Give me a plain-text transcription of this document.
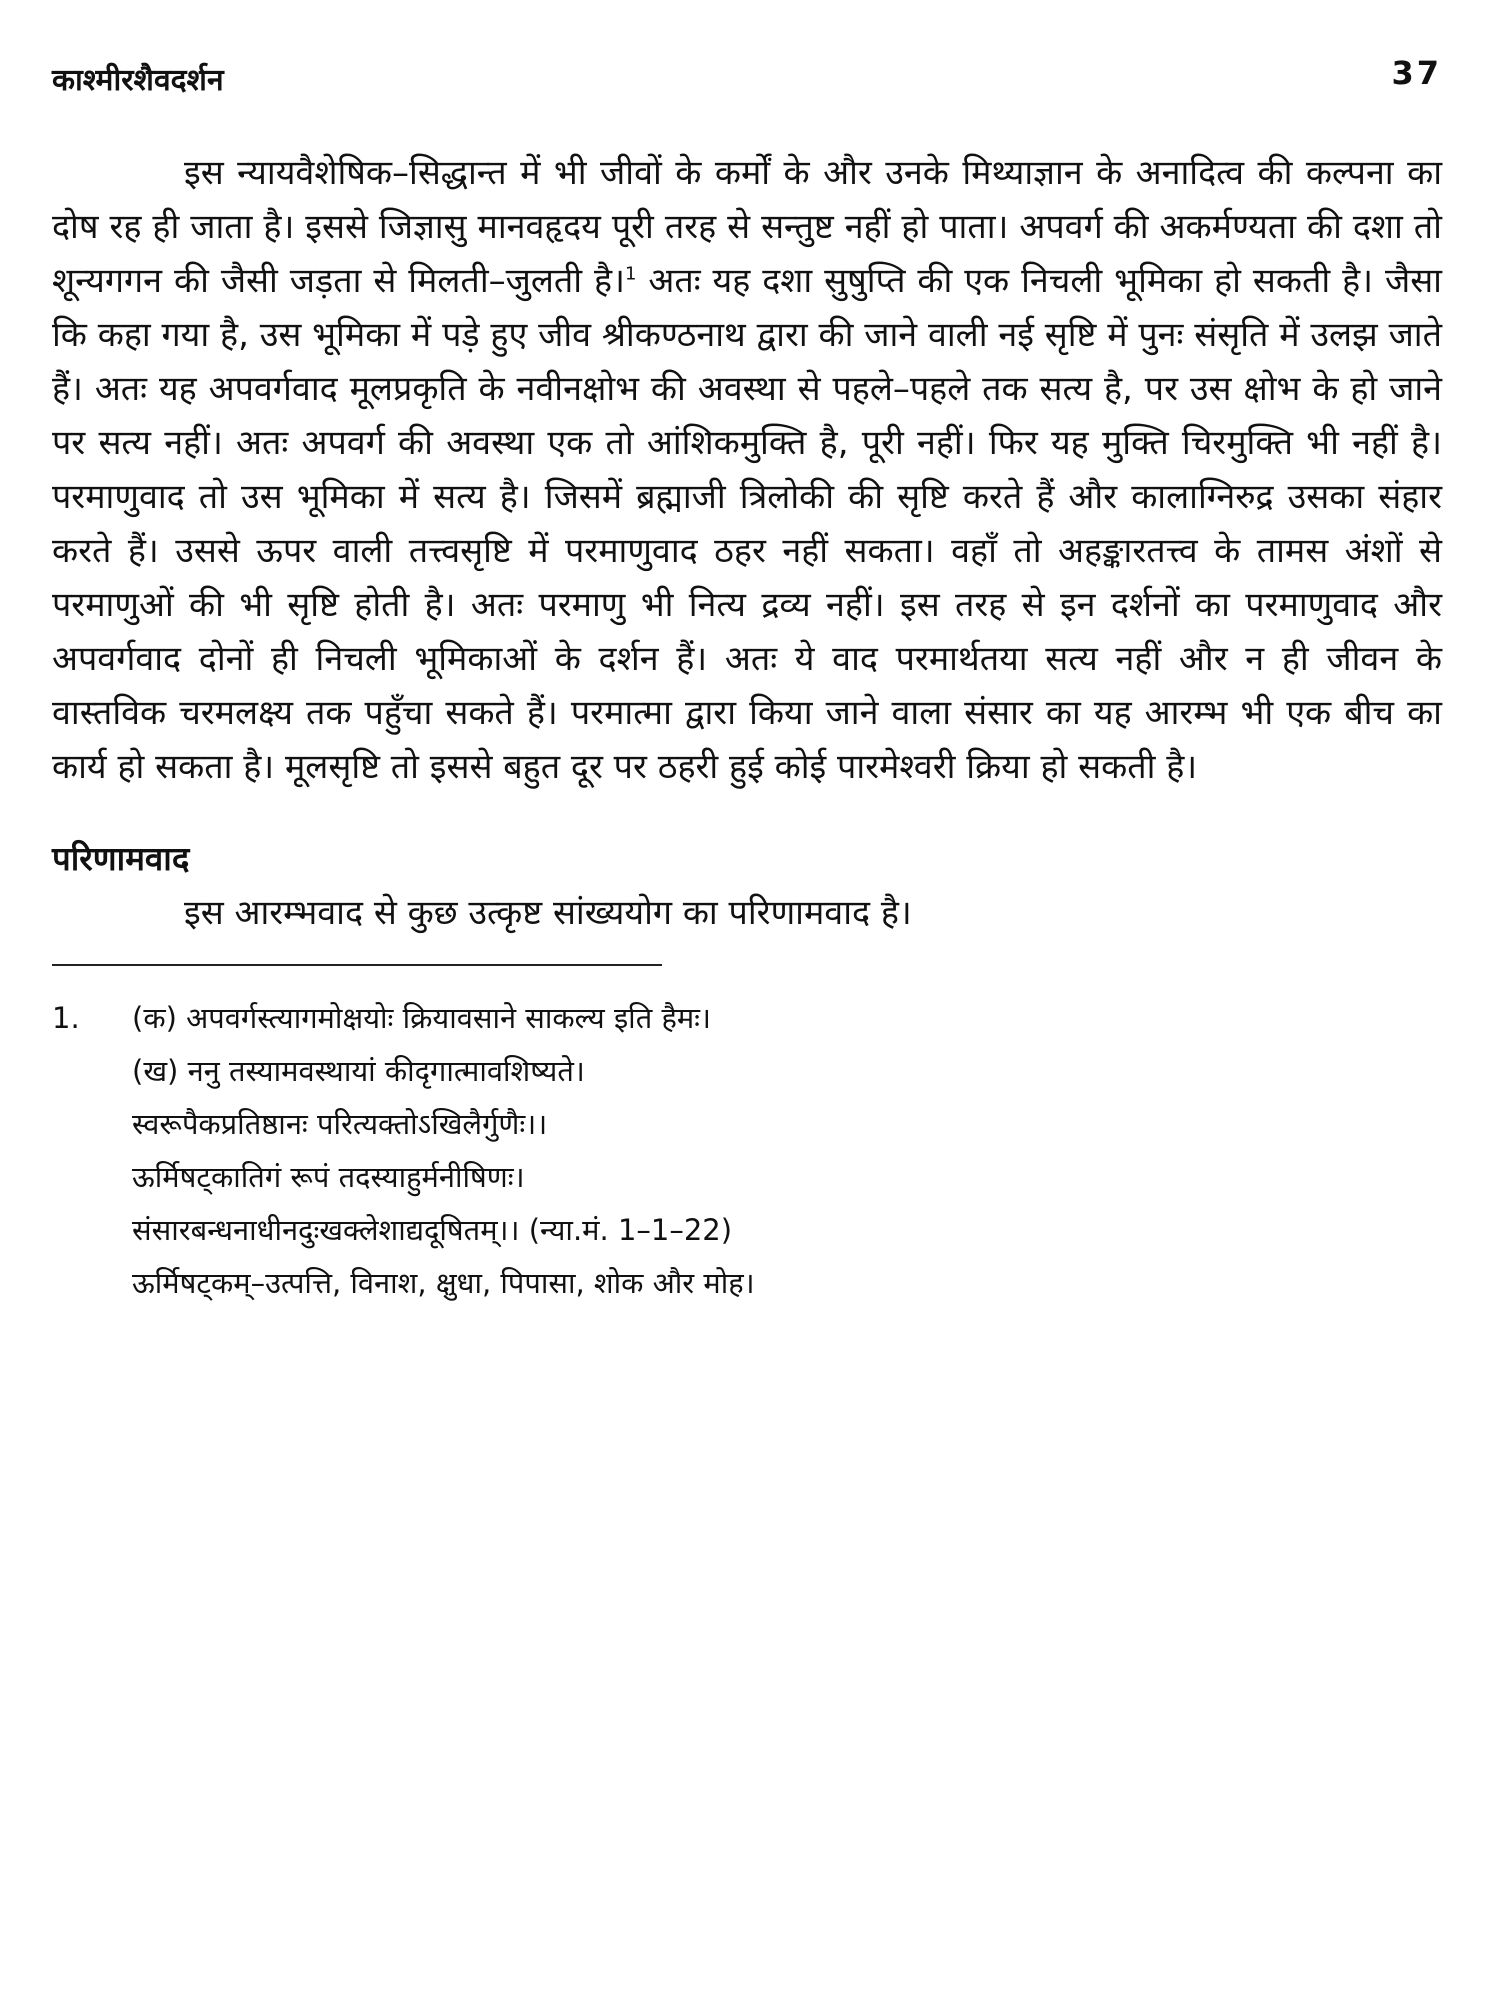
काश्मीरशैवदर्शन	37

इस न्यायवैशेषिक–सिद्धान्त में भी जीवों के कर्मों के और उनके मिथ्याज्ञान के अनादित्व की कल्पना का दोष रह ही जाता है। इससे जिज्ञासु मानवहृदय पूरी तरह से सन्तुष्ट नहीं हो पाता। अपवर्ग की अकर्मण्यता की दशा तो शून्यगगन की जैसी जड़ता से मिलती–जुलती है।$^1$ अतः यह दशा सुषुप्ति की एक निचली भूमिका हो सकती है। जैसा कि कहा गया है, उस भूमिका में पड़े हुए जीव श्रीकण्ठनाथ द्वारा की जाने वाली नई सृष्टि में पुनः संसृति में उलझ जाते हैं। अतः यह अपवर्गवाद मूलप्रकृति के नवीनक्षोभ की अवस्था से पहले–पहले तक सत्य है, पर उस क्षोभ के हो जाने पर सत्य नहीं। अतः अपवर्ग की अवस्था एक तो आंशिकमुक्ति है, पूरी नहीं। फिर यह मुक्ति चिरमुक्ति भी नहीं है। परमाणुवाद तो उस भूमिका में सत्य है। जिसमें ब्रह्माजी त्रिलोकी की सृष्टि करते हैं और कालाग्निरुद्र उसका संहार करते हैं। उससे ऊपर वाली तत्त्वसृष्टि में परमाणुवाद ठहर नहीं सकता। वहाँ तो अहङ्कारतत्त्व के तामस अंशों से परमाणुओं की भी सृष्टि होती है। अतः परमाणु भी नित्य द्रव्य नहीं। इस तरह से इन दर्शनों का परमाणुवाद और अपवर्गवाद दोनों ही निचली भूमिकाओं के दर्शन हैं। अतः ये वाद परमार्थतया सत्य नहीं और न ही जीवन के वास्तविक चरमलक्ष्य तक पहुँचा सकते हैं। परमात्मा द्वारा किया जाने वाला संसार का यह आरम्भ भी एक बीच का कार्य हो सकता है। मूलसृष्टि तो इससे बहुत दूर पर ठहरी हुई कोई पारमेश्वरी क्रिया हो सकती है।

परिणामवाद

इस आरम्भवाद से कुछ उत्कृष्ट सांख्ययोग का परिणामवाद है।

1. (क) अपवर्गस्त्यागमोक्षयोः क्रियावसाने साकल्य इति हैमः।
(ख) ननु तस्यामवस्थायां कीदृगात्मावशिष्यते।
स्वरूपैकप्रतिष्ठानः परित्यक्तोऽखिलैर्गुणैः।।
ऊर्मिषट्कातिगं रूपं तदस्याहुर्मनीषिणः।
संसारबन्धनाधीनदुःखक्लेशाद्यदूषितम्।। (न्या.मं. 1–1–22)
ऊर्मिषट्कम्–उत्पत्ति, विनाश, क्षुधा, पिपासा, शोक और मोह।
